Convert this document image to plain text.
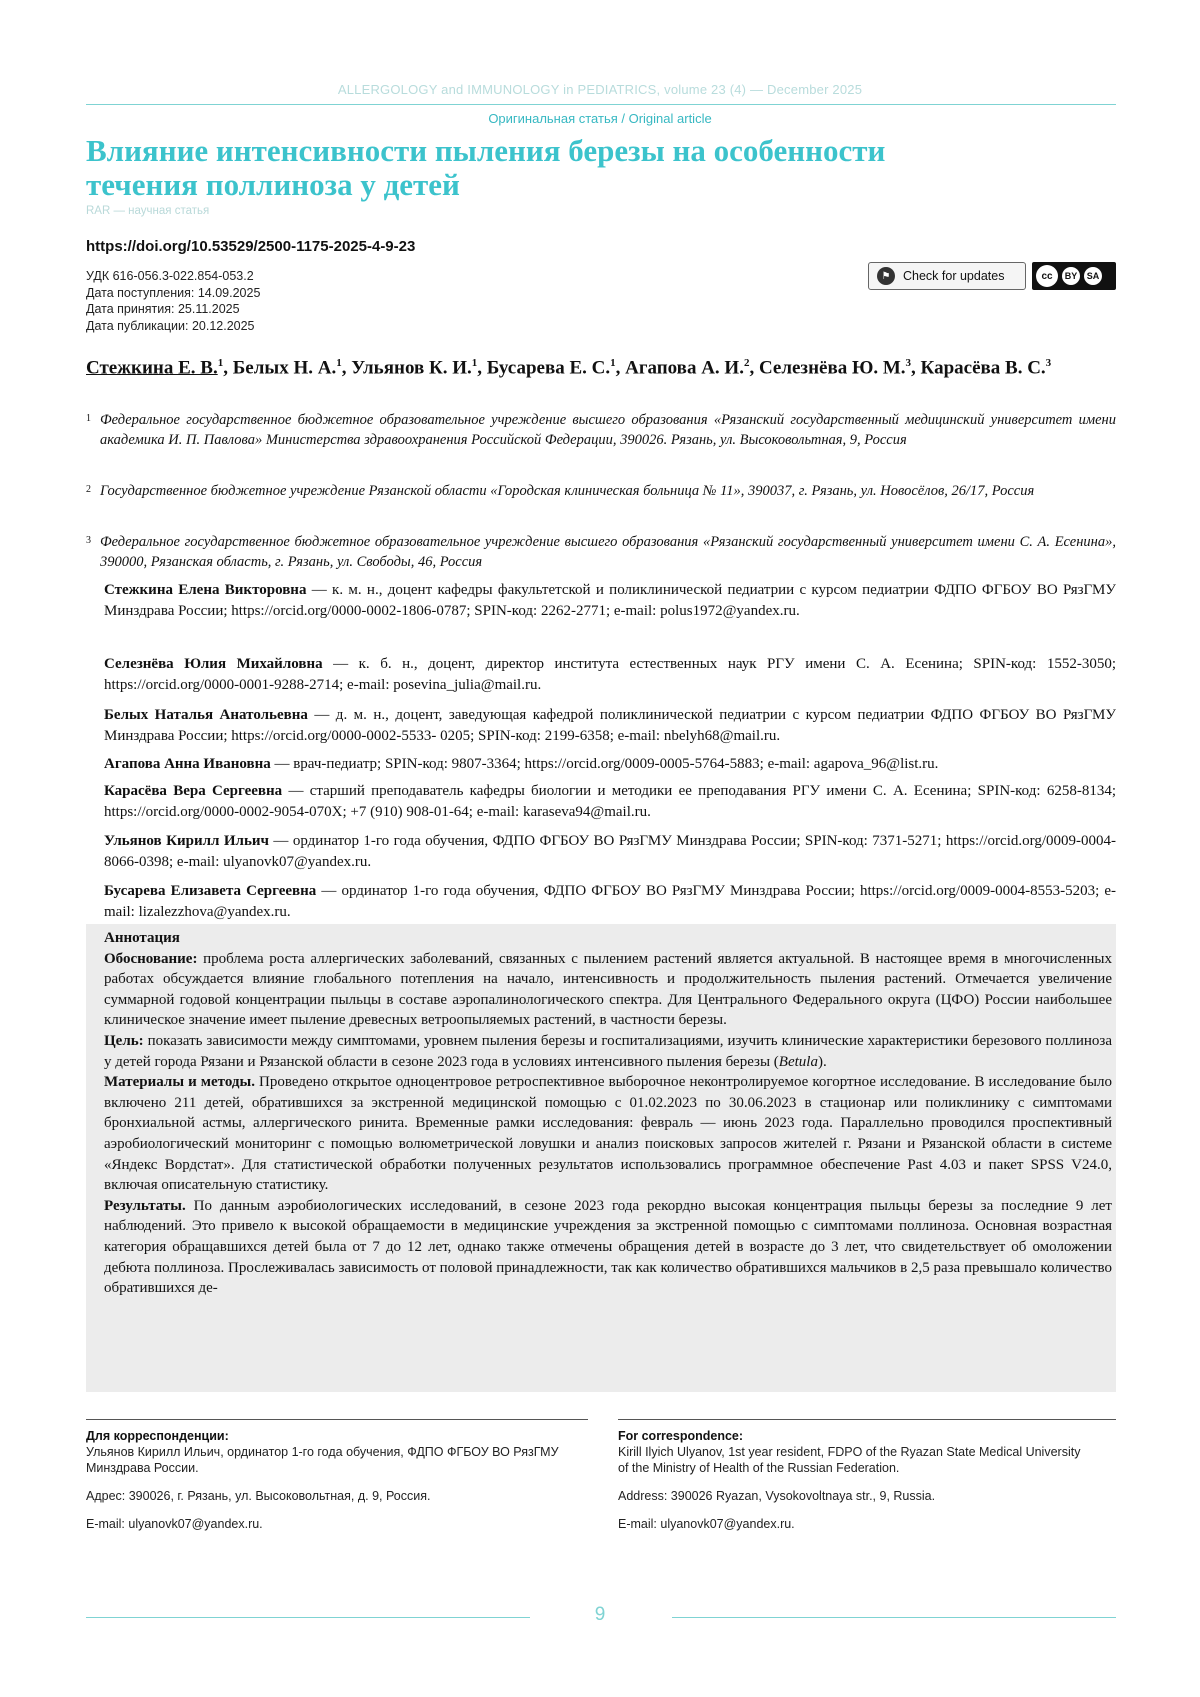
ALLERGOLOGY and IMMUNOLOGY in PEDIATRICS, volume 23 (4) — December 2025
Оригинальная статья / Original article
Влияние интенсивности пыления березы на особенности течения поллиноза у детей
RAR — научная статья
https://doi.org/10.53529/2500-1175-2025-4-9-23
УДК 616-056.3-022.854-053.2
Дата поступления: 14.09.2025
Дата принятия: 25.11.2025
Дата публикации: 20.12.2025
⚑	Check for updates	cc	BY	SA

Стежкина Е. В.$^1$, Белых Н. А.$^1$, Ульянов К. И.$^1$, Бусарева Е. С.$^1$, Агапова А. И.$^2$, Селезнёва Ю. М.$^3$, Карасёва В. С.$^3$

1 Федеральное государственное бюджетное образовательное учреждение высшего образования «Рязанский государственный медицинский университет имени академика И. П. Павлова» Министерства здравоохранения Российской Федерации, 390026. Рязань, ул. Высоковольтная, 9, Россия
2 Государственное бюджетное учреждение Рязанской области «Городская клиническая больница № 11», 390037, г. Рязань, ул. Новосёлов, 26/17, Россия
3 Федеральное государственное бюджетное образовательное учреждение высшего образования «Рязанский государственный университет имени С. А. Есенина», 390000, Рязанская область, г. Рязань, ул. Свободы, 46, Россия
Стежкина Елена Викторовна — к. м. н., доцент кафедры факультетской и поликлинической педиатрии с курсом педиатрии ФДПО ФГБОУ ВО РязГМУ Минздрава России; https://orcid.org/0000-0002-1806-0787; SPIN-код: 2262-2771; e-mail: polus1972@yandex.ru.
Селезнёва Юлия Михайловна — к. б. н., доцент, директор института естественных наук РГУ имени С. А. Есенина; SPIN-код: 1552-3050; https://orcid.org/0000-0001-9288-2714; e-mail: posevina_julia@mail.ru.
Белых Наталья Анатольевна — д. м. н., доцент, заведующая кафедрой поликлинической педиатрии с курсом педиатрии ФДПО ФГБОУ ВО РязГМУ Минздрава России; https://orcid.org/0000-0002-5533- 0205; SPIN-код: 2199-6358; e-mail: nbelyh68@mail.ru.
Агапова Анна Ивановна — врач-педиатр; SPIN-код: 9807-3364; https://orcid.org/0009-0005-5764-5883; e-mail: agapova_96@list.ru.
Карасёва Вера Сергеевна — старший преподаватель кафедры биологии и методики ее преподавания РГУ имени С. А. Есенина; SPIN-код: 6258-8134; https://orcid.org/0000-0002-9054-070X; +7 (910) 908-01-64; e-mail: karaseva94@mail.ru.
Ульянов Кирилл Ильич — ординатор 1-го года обучения, ФДПО ФГБОУ ВО РязГМУ Минздрава России; SPIN-код: 7371-5271; https://orcid.org/0009-0004-8066-0398; e-mail: ulyanovk07@yandex.ru.
Бусарева Елизавета Сергеевна — ординатор 1-го года обучения, ФДПО ФГБОУ ВО РязГМУ Минздрава России; https://orcid.org/0009-0004-8553-5203; e-mail: lizalezzhova@yandex.ru.

Аннотация

Обоснование: проблема роста аллергических заболеваний, связанных с пылением растений является актуальной. В настоящее время в многочисленных работах обсуждается влияние глобального потепления на начало, интенсивность и продолжительность пыления растений. Отмечается увеличение суммарной годовой концентрации пыльцы в составе аэропалинологического спектра. Для Центрального Федерального округа (ЦФО) России наибольшее клиническое значение имеет пыление древесных ветроопыляемых растений, в частности березы.

Цель: показать зависимости между симптомами, уровнем пыления березы и госпитализациями, изучить клинические характеристики березового поллиноза у детей города Рязани и Рязанской области в сезоне 2023 года в условиях интенсивного пыления березы (Betula).

Материалы и методы. Проведено открытое одноцентровое ретроспективное выборочное неконтролируемое когортное исследование. В исследование было включено 211 детей, обратившихся за экстренной медицинской помощью с 01.02.2023 по 30.06.2023 в стационар или поликлинику с симптомами бронхиальной астмы, аллергического ринита. Временные рамки исследования: февраль — июнь 2023 года. Параллельно проводился проспективный аэробиологический мониторинг с помощью волюметрической ловушки и анализ поисковых запросов жителей г. Рязани и Рязанской области в системе «Яндекс Вордстат». Для статистической обработки полученных результатов использовались программное обеспечение Past 4.03 и пакет SPSS V24.0, включая описательную статистику.

Результаты. По данным аэробиологических исследований, в сезоне 2023 года рекордно высокая концентрация пыльцы березы за последние 9 лет наблюдений. Это привело к высокой обращаемости в медицинские учреждения за экстренной помощью с симптомами поллиноза. Основная возрастная категория обращавшихся детей была от 7 до 12 лет, однако также отмечены обращения детей в возрасте до 3 лет, что свидетельствует об омоложении дебюта поллиноза. Прослеживалась зависимость от половой принадлежности, так как количество обратившихся мальчиков в 2,5 раза превышало количество обратившихся де-

Для корреспонденции:
Ульянов Кирилл Ильич, ординатор 1-го года обучения, ФДПО ФГБОУ ВО РязГМУ Минздрава России.
Адрес: 390026, г. Рязань, ул. Высоковольтная, д. 9, Россия.
E-mail: ulyanovk07@yandex.ru.
For correspondence:
Kirill Ilyich Ulyanov, 1st year resident, FDPO of the Ryazan State Medical University of the Ministry of Health of the Russian Federation.
Address: 390026 Ryazan, Vysokovoltnaya str., 9, Russia.
E-mail: ulyanovk07@yandex.ru.
9
